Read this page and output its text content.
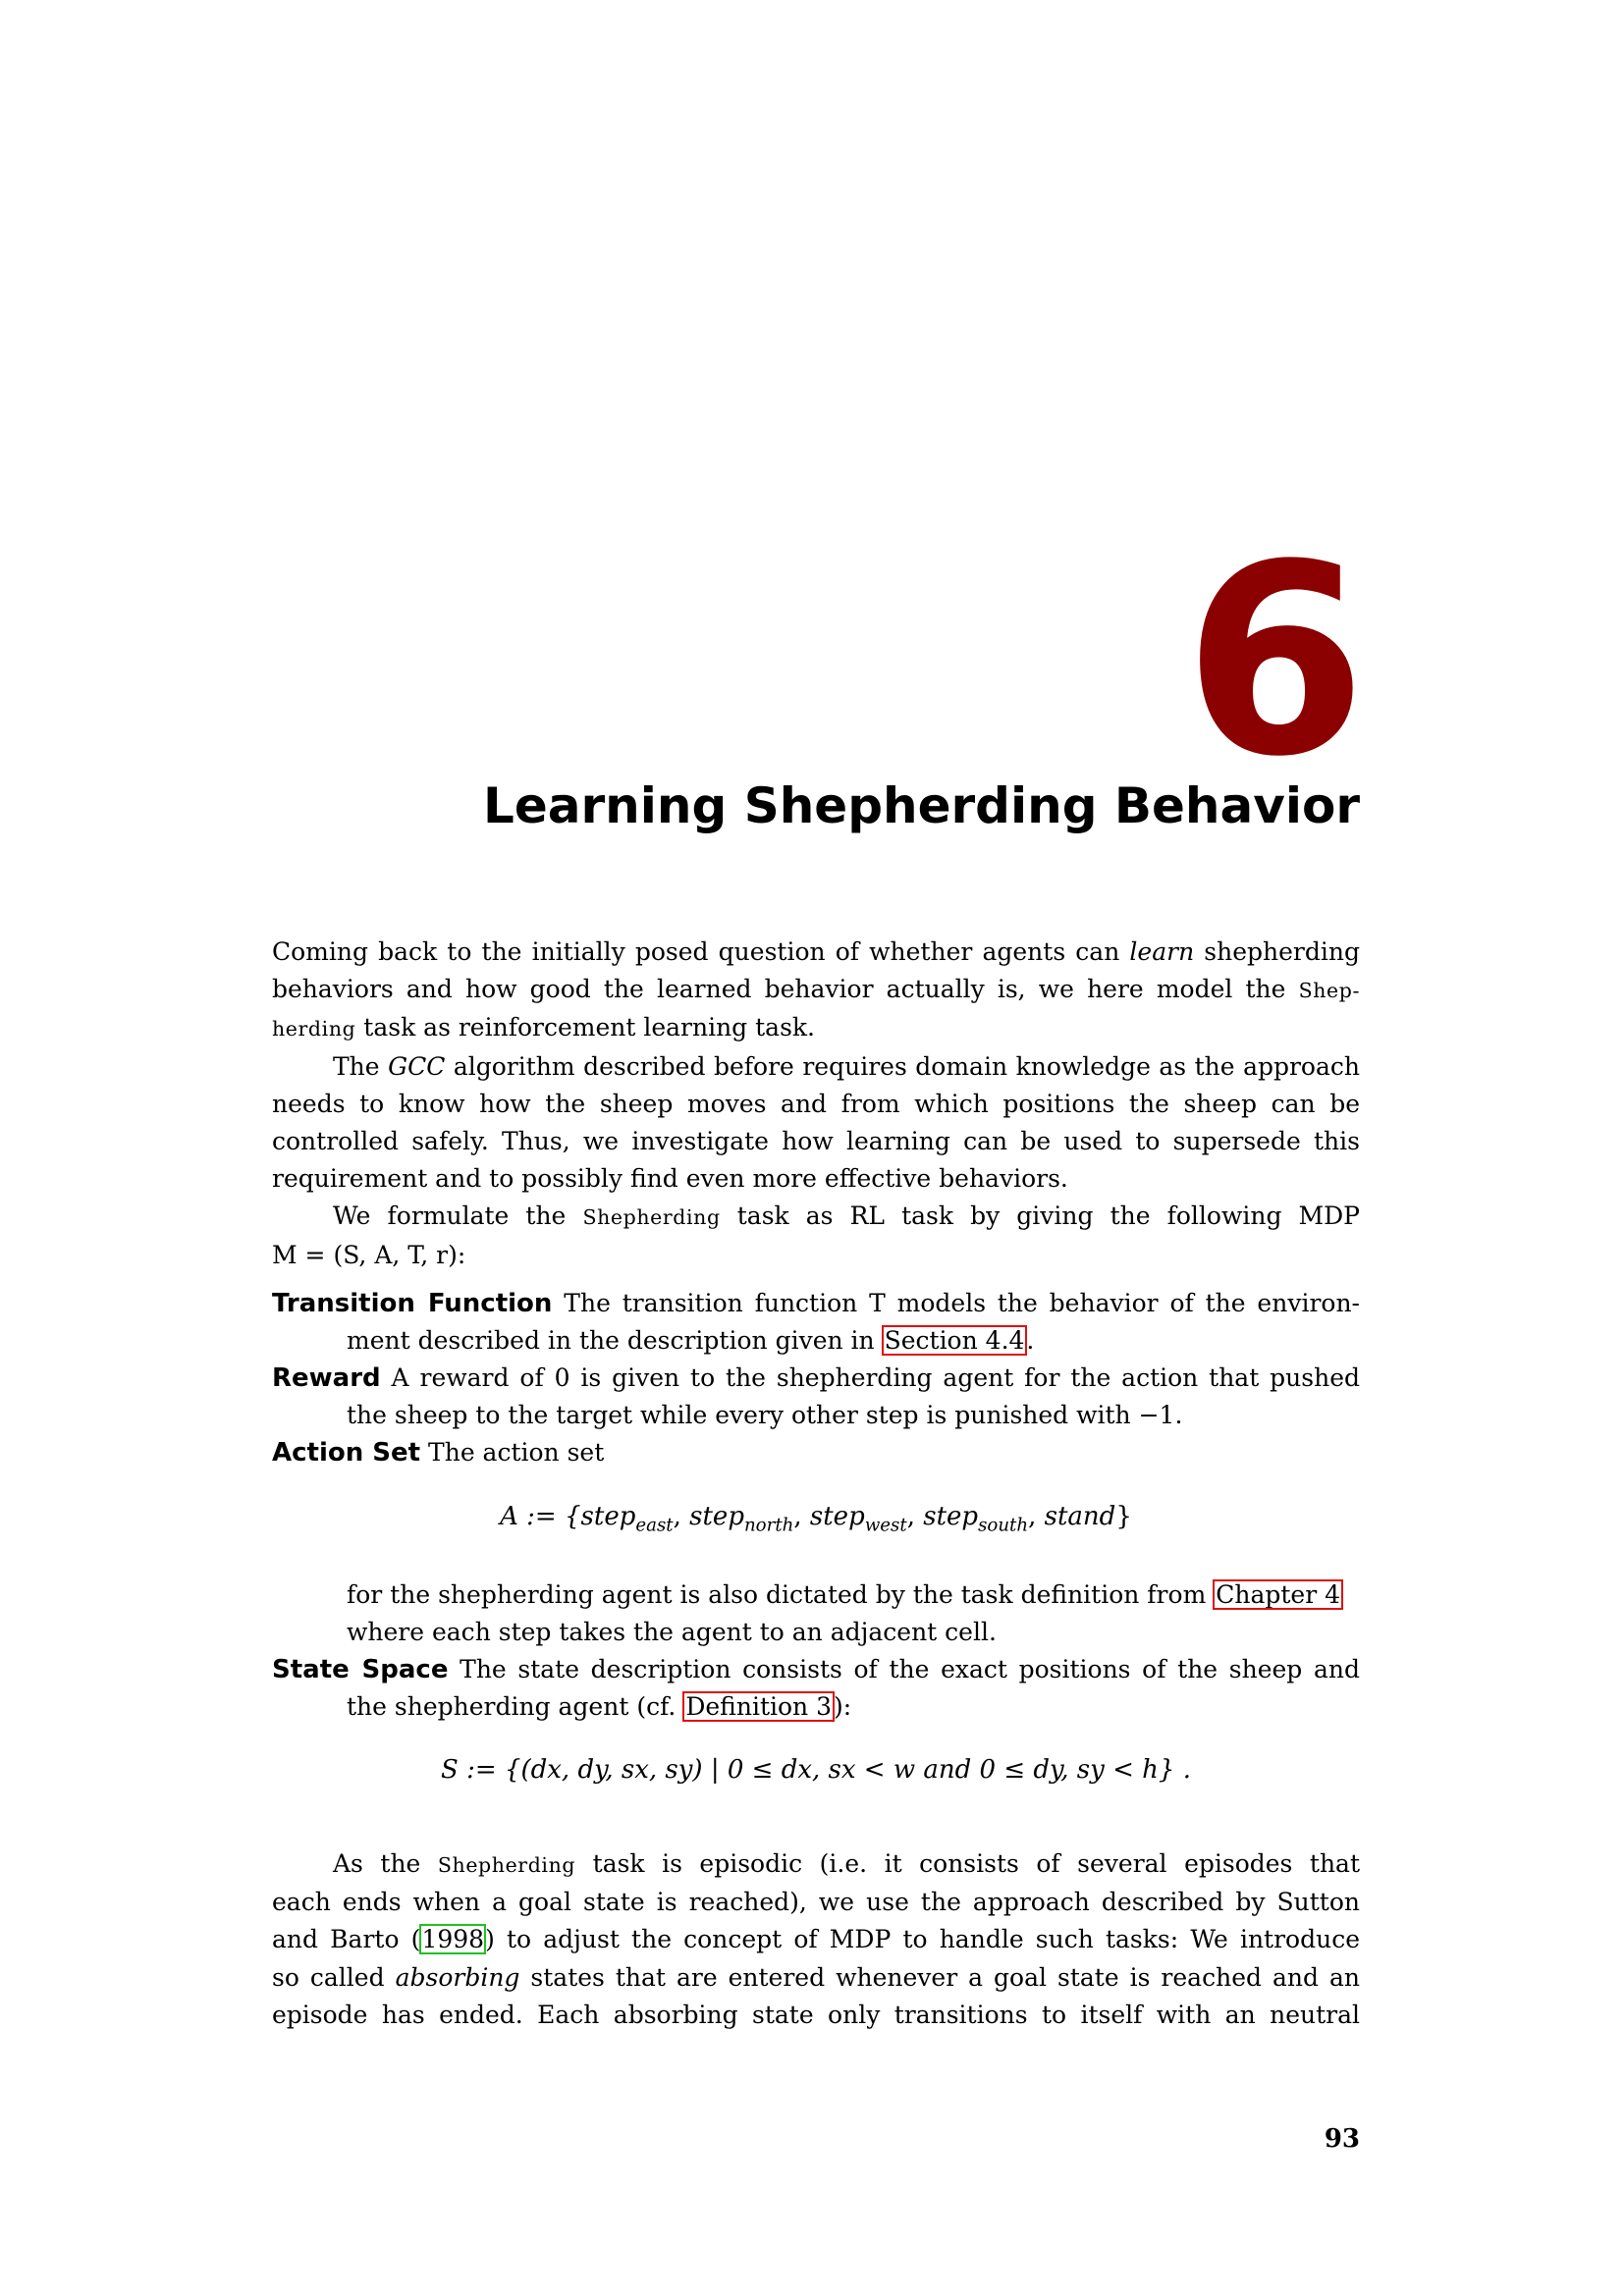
6
Learning Shepherding Behavior
Coming back to the initially posed question of whether agents can learn shepherding
behaviors and how good the learned behavior actually is, we here model the Shep-
herding task as reinforcement learning task.
The GCC algorithm described before requires domain knowledge as the approach
needs to know how the sheep moves and from which positions the sheep can be
controlled safely. Thus, we investigate how learning can be used to supersede this
requirement and to possibly find even more effective behaviors.
We formulate the Shepherding task as RL task by giving the following MDP
M = (S, A, T, r):
Transition Function The transition function T models the behavior of the environ-
ment described in the description given in Section 4.4.
Reward A reward of 0 is given to the shepherding agent for the action that pushed
the sheep to the target while every other step is punished with −1.
Action Set The action set
A := {step$_{east}$, step$_{north}$, step$_{west}$, step$_{south}$, stand}
for the shepherding agent is also dictated by the task definition from Chapter 4
where each step takes the agent to an adjacent cell.
State Space The state description consists of the exact positions of the sheep and
the shepherding agent (cf. Definition 3):
S := {(dx, dy, sx, sy) | 0 ≤ dx, sx < w and 0 ≤ dy, sy < h} .
As the Shepherding task is episodic (i.e. it consists of several episodes that
each ends when a goal state is reached), we use the approach described by Sutton
and Barto (1998) to adjust the concept of MDP to handle such tasks: We introduce
so called absorbing states that are entered whenever a goal state is reached and an
episode has ended. Each absorbing state only transitions to itself with an neutral
93
